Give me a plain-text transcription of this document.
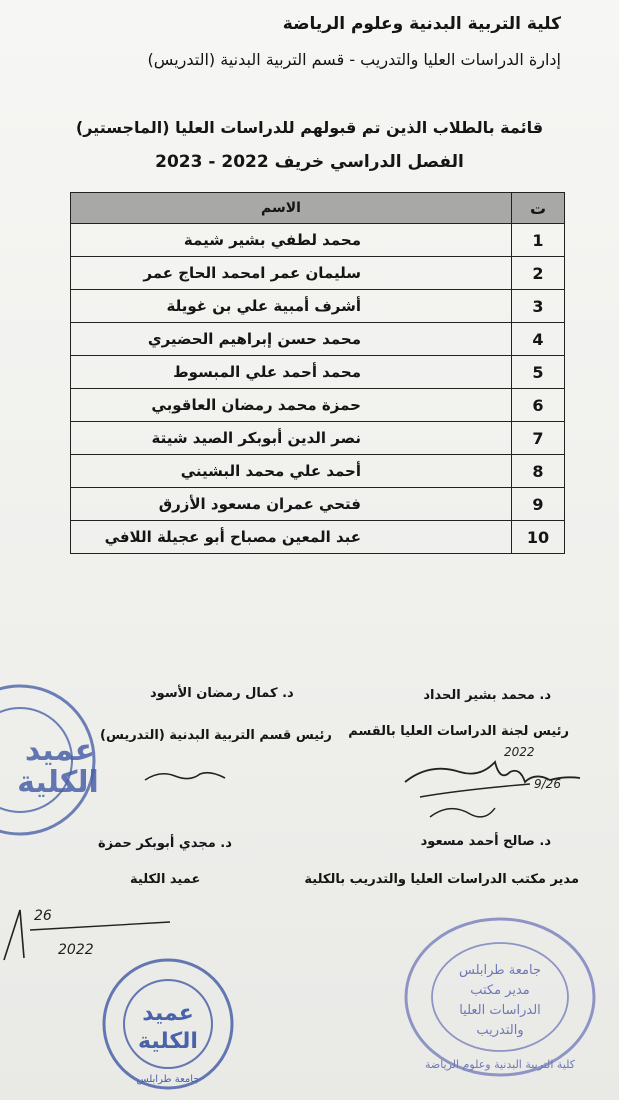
كلية التربية البدنية وعلوم الرياضة
إدارة الدراسات العليا والتدريب - قسم التربية البدنية (التدريس)
قائمة بالطلاب الذين تم قبولهم للدراسات العليا (الماجستير)
الفصل الدراسي خريف 2022 - 2023
ت	الاسم
1	محمد لطفي بشير شيمة
2	سليمان عمر امحمد الحاج عمر
3	أشرف أمبية علي بن غويلة
4	محمد حسن إبراهيم الحضيري
5	محمد أحمد علي المبسوط
6	حمزة محمد رمضان العاقوبي
7	نصر الدين أبوبكر الصيد شيتة
8	أحمد علي محمد البشيني
9	فتحي عمران مسعود الأزرق
10	عبد المعين مصباح أبو عجيلة اللافي
د. محمد بشير الحداد
رئيس لجنة الدراسات العليا بالقسم
د. كمال رمضان الأسود
رئيس قسم التربية البدنية (التدريس)
د. صالح أحمد مسعود
مدير مكتب الدراسات العليا والتدريب بالكلية
د. مجدي أبوبكر حمزة
عميد الكلية
عميد
الكلية
2022
9/26
26
2022
عميد
الكلية
جامعة طرابلس
جامعة طرابلس
مدير مكتب
الدراسات العليا
والتدريب
كلية التربية البدنية وعلوم الرياضة
